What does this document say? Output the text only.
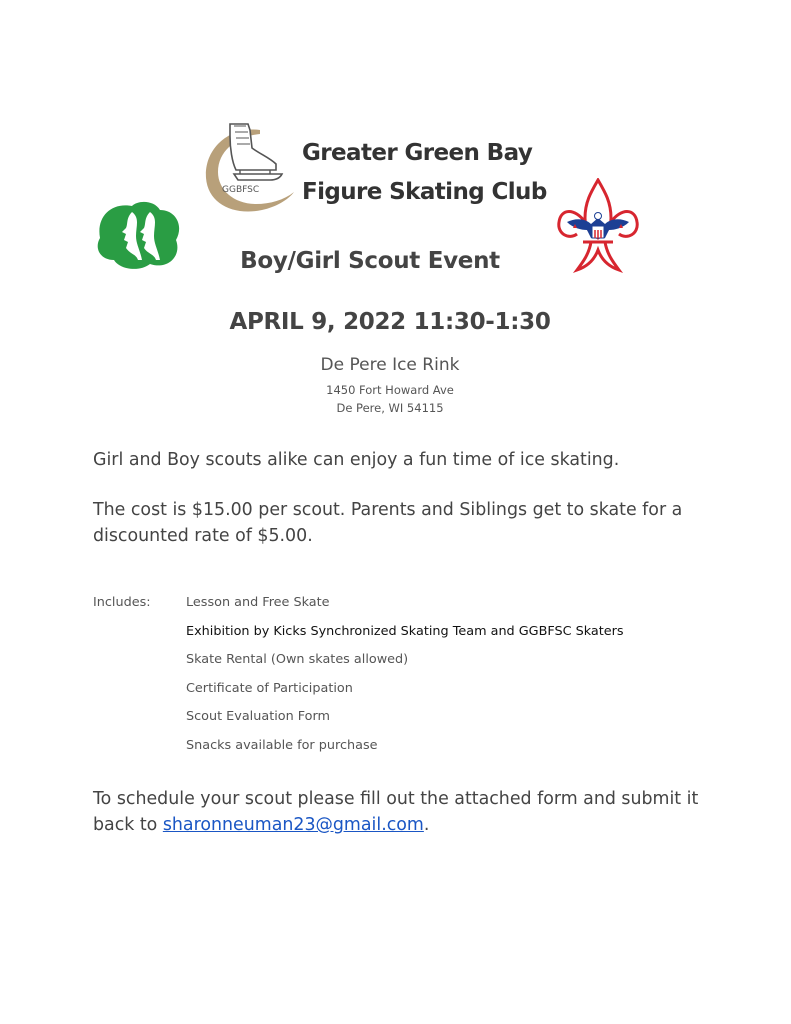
GGBFSC
Greater Green Bay
Figure Skating Club
Boy/Girl Scout Event
APRIL 9, 2022 11:30-1:30
De Pere Ice Rink
1450 Fort Howard Ave
De Pere, WI 54115
Girl and Boy scouts alike can enjoy a fun time of ice skating.
The cost is $15.00 per scout. Parents and Siblings get to skate for a discounted rate of $5.00.
Includes:	Lesson and Free Skate
Exhibition by Kicks Synchronized Skating Team and GGBFSC Skaters
Skate Rental (Own skates allowed)
Certificate of Participation
Scout Evaluation Form
Snacks available for purchase
To schedule your scout please fill out the attached form and submit it back to sharonneuman23@gmail.com.
